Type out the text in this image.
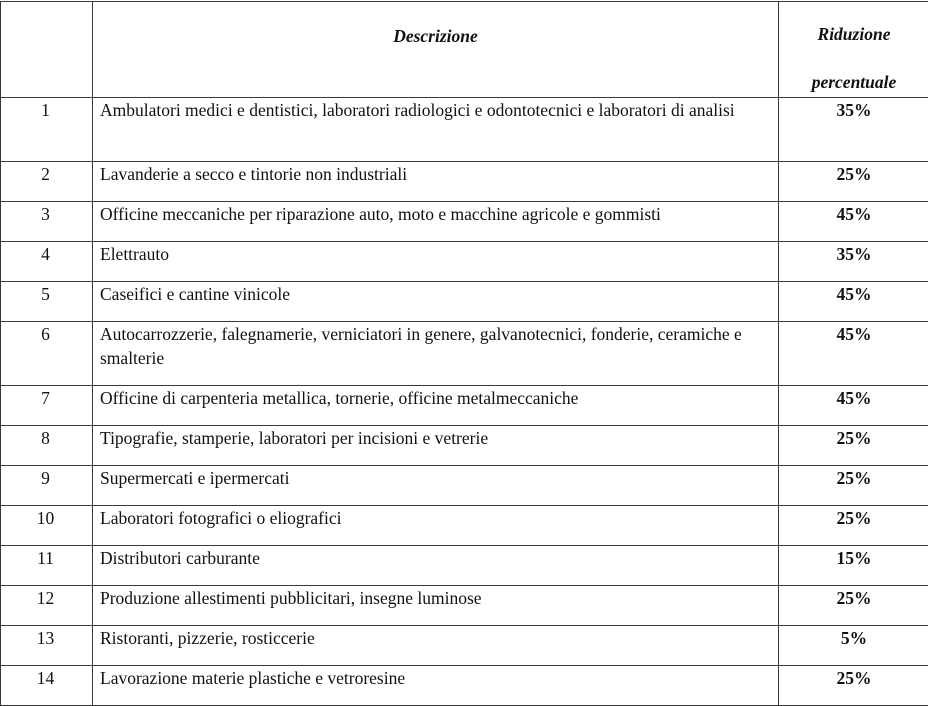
	Descrizione	Riduzione
percentuale

1	Ambulatori medici e dentistici, laboratori radiologici e odontotecnici e laboratori di analisi	35%
2	Lavanderie a secco e tintorie non industriali	25%
3	Officine meccaniche per riparazione auto, moto e macchine agricole e gommisti	45%
4	Elettrauto	35%
5	Caseifici e cantine vinicole	45%
6	Autocarrozzerie, falegnamerie, verniciatori in genere, galvanotecnici, fonderie, ceramiche e smalterie	45%
7	Officine di carpenteria metallica, tornerie, officine metalmeccaniche	45%
8	Tipografie, stamperie, laboratori per incisioni e vetrerie	25%
9	Supermercati e ipermercati	25%
10	Laboratori fotografici o eliografici	25%
11	Distributori carburante	15%
12	Produzione allestimenti pubblicitari, insegne luminose	25%
13	Ristoranti, pizzerie, rosticcerie	5%
14	Lavorazione materie plastiche e vetroresine	25%
